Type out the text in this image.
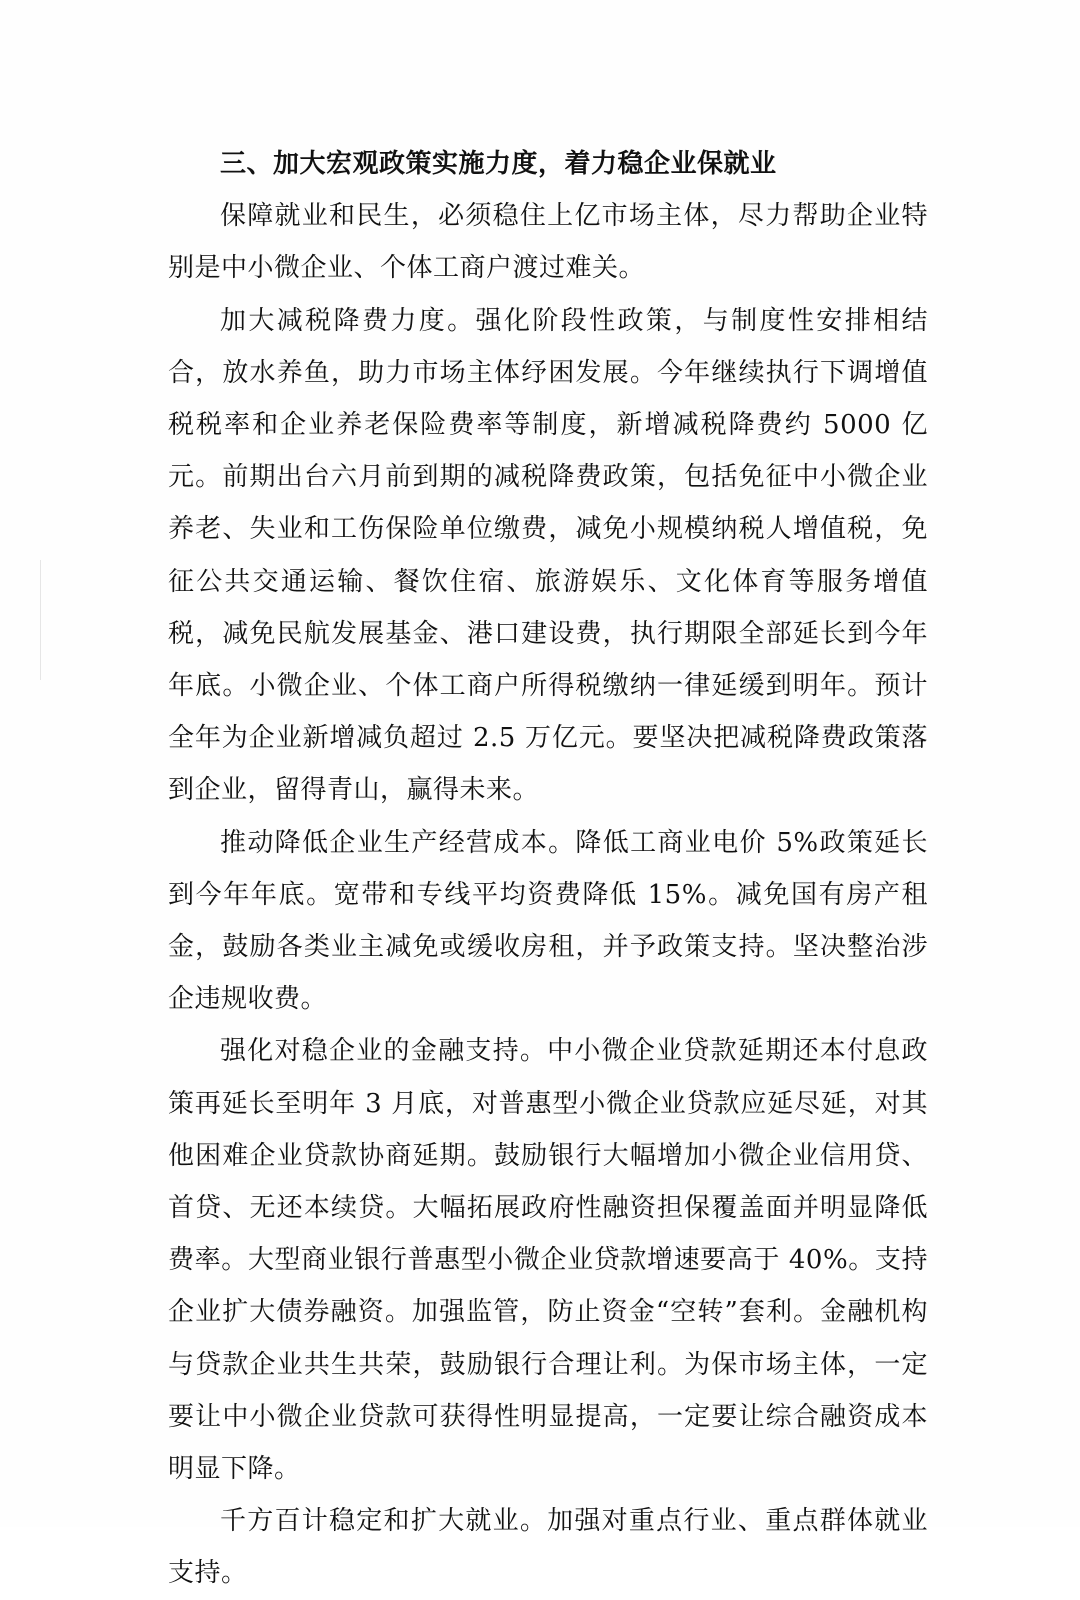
三、加大宏观政策实施力度，着力稳企业保就业

保障就业和民生，必须稳住上亿市场主体，尽力帮助企业特别是中小微企业、个体工商户渡过难关。

加大减税降费力度。强化阶段性政策，与制度性安排相结合，放水养鱼，助力市场主体纾困发展。今年继续执行下调增值税税率和企业养老保险费率等制度，新增减税降费约 5000 亿元。前期出台六月前到期的减税降费政策，包括免征中小微企业养老、失业和工伤保险单位缴费，减免小规模纳税人增值税，免征公共交通运输、餐饮住宿、旅游娱乐、文化体育等服务增值税，减免民航发展基金、港口建设费，执行期限全部延长到今年年底。小微企业、个体工商户所得税缴纳一律延缓到明年。预计全年为企业新增减负超过 2.5 万亿元。要坚决把减税降费政策落到企业，留得青山，赢得未来。

推动降低企业生产经营成本。降低工商业电价 5%政策延长到今年年底。宽带和专线平均资费降低 15%。减免国有房产租金，鼓励各类业主减免或缓收房租，并予政策支持。坚决整治涉企违规收费。

强化对稳企业的金融支持。中小微企业贷款延期还本付息政策再延长至明年 3 月底，对普惠型小微企业贷款应延尽延，对其他困难企业贷款协商延期。鼓励银行大幅增加小微企业信用贷、首贷、无还本续贷。大幅拓展政府性融资担保覆盖面并明显降低费率。大型商业银行普惠型小微企业贷款增速要高于 40%。支持企业扩大债券融资。加强监管，防止资金“空转”套利。金融机构与贷款企业共生共荣，鼓励银行合理让利。为保市场主体，一定要让中小微企业贷款可获得性明显提高，一定要让综合融资成本明显下降。

千方百计稳定和扩大就业。加强对重点行业、重点群体就业支持。
